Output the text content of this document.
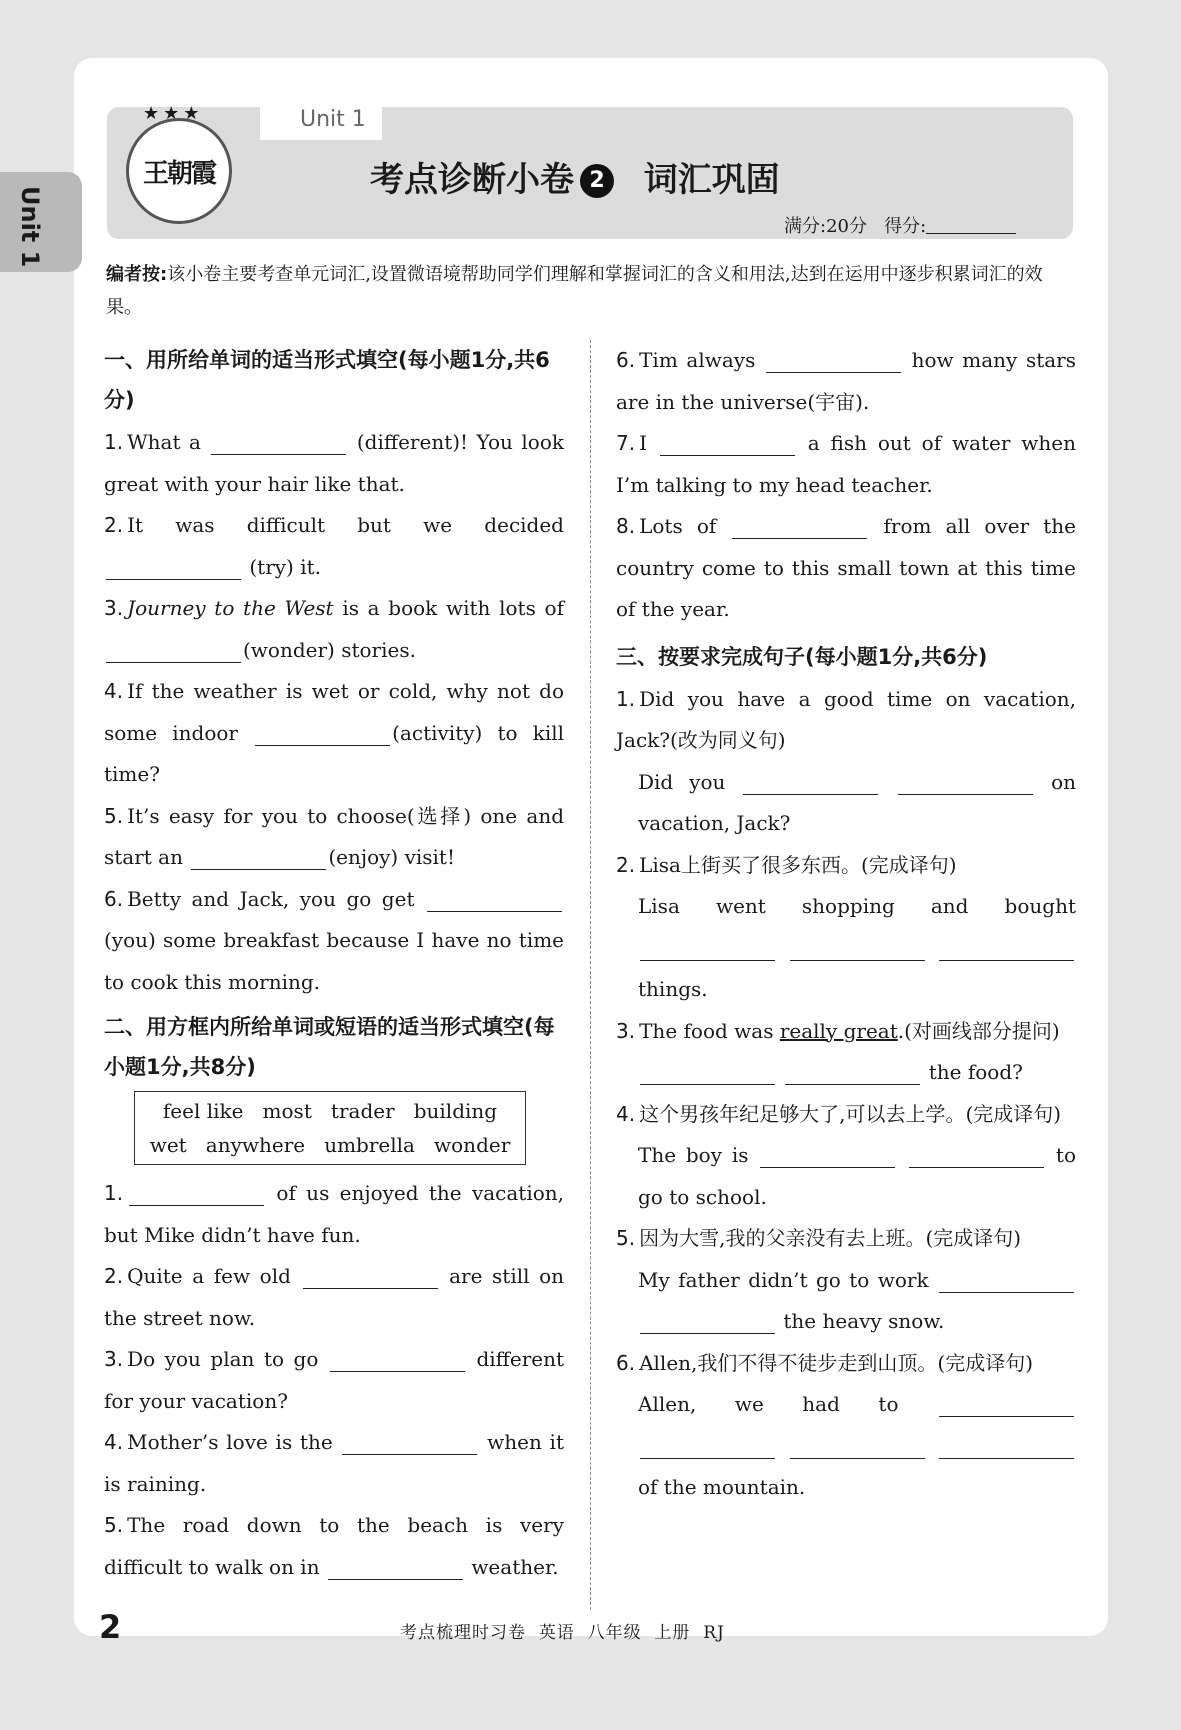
Unit 1
Unit 1
★★★
王朝霞	考点诊断小卷 2 词汇巩固
满分:20分 得分:
编者按:该小卷主要考查单元词汇,设置微语境帮助同学们理解和掌握词汇的含义和用法,达到在运用中逐步积累词汇的效果。

一、用所给单词的适当形式填空(每小题1分,共6分)

1. What a	(different)! You look great with your hair like that.

2. It was difficult but we decided  (try) it.

3. Journey to the West is a book with lots of (wonder) stories.

4. If the weather is wet or cold, why not do some indoor	(activity) to kill time?

5. It’s easy for you to choose(选择) one and start an	(enjoy) visit!

6. Betty and Jack, you go get  (you) some breakfast because I have no time to cook this morning.

二、用方框内所给单词或短语的适当形式填空(每小题1分,共8分)

feel like   most   trader   building
wet   anywhere   umbrella   wonder

1.	of us enjoyed the vacation, but Mike didn’t have fun.

2. Quite a few old	are still on the street now.

3. Do you plan to go	different for your vacation?

4. Mother’s love is the	when it is raining.

5. The road down to the beach is very difficult to walk on in	weather.

6. Tim always	how many stars are in the universe(宇宙).

7. I	a fish out of water when I’m talking to my head teacher.

8. Lots of	from all over the country come to this small town at this time of the year.

三、按要求完成句子(每小题1分,共6分)

1. Did you have a good time on vacation, Jack?(改为同义句)

Did you	on vacation, Jack?

2. Lisa上街买了很多东西。(完成译句)

Lisa went shopping and bought    things.

3. The food was really great.(对画线部分提问)

the food?

4. 这个男孩年纪足够大了,可以去上学。(完成译句)

The boy is	to go to school.

5. 因为大雪,我的父亲没有去上班。(完成译句)

My father didn’t go to work   the heavy snow.

6. Allen,我们不得不徒步走到山顶。(完成译句)

Allen, we had to     of the mountain.

2	考点梳理时习卷  英语  八年级  上册  RJ
